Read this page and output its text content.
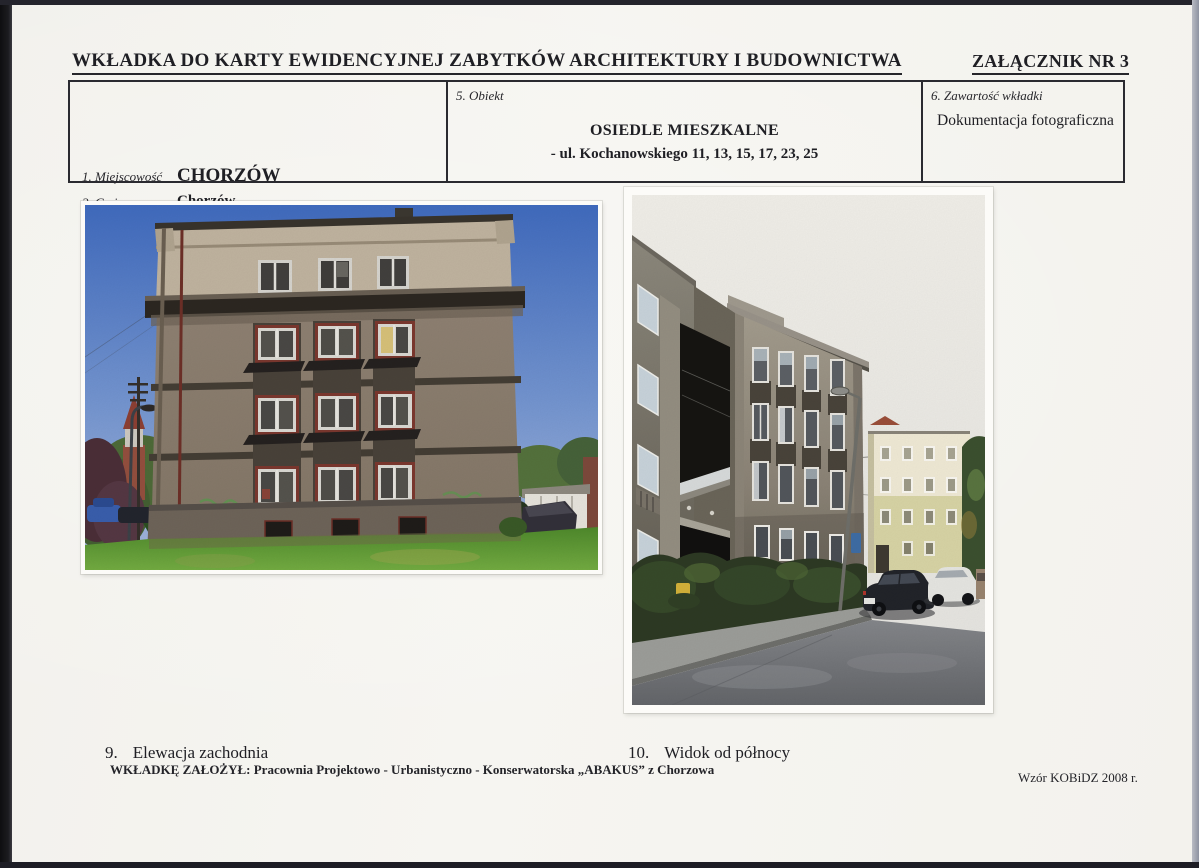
WKŁADKA DO KARTY EWIDENCYJNEJ ZABYTKÓW ARCHITEKTURY I BUDOWNICTWA	ZAŁĄCZNIK NR 3
1. Miejscowość CHORZÓW
5. Obiekt
OSIEDLE MIESZKALNE
- ul. Kochanowskiego 11, 13, 15, 17, 23, 25
6. Zawartość wkładki
Dokumentacja fotograficzna
9. Elewacja zachodnia	10. Widok od północy
WKŁADKĘ ZAŁOŻYŁ: Pracownia Projektowo - Urbanistyczno - Konserwatorska „ABAKUS” z Chorzowa
Wzór KOBiDZ 2008 r.
